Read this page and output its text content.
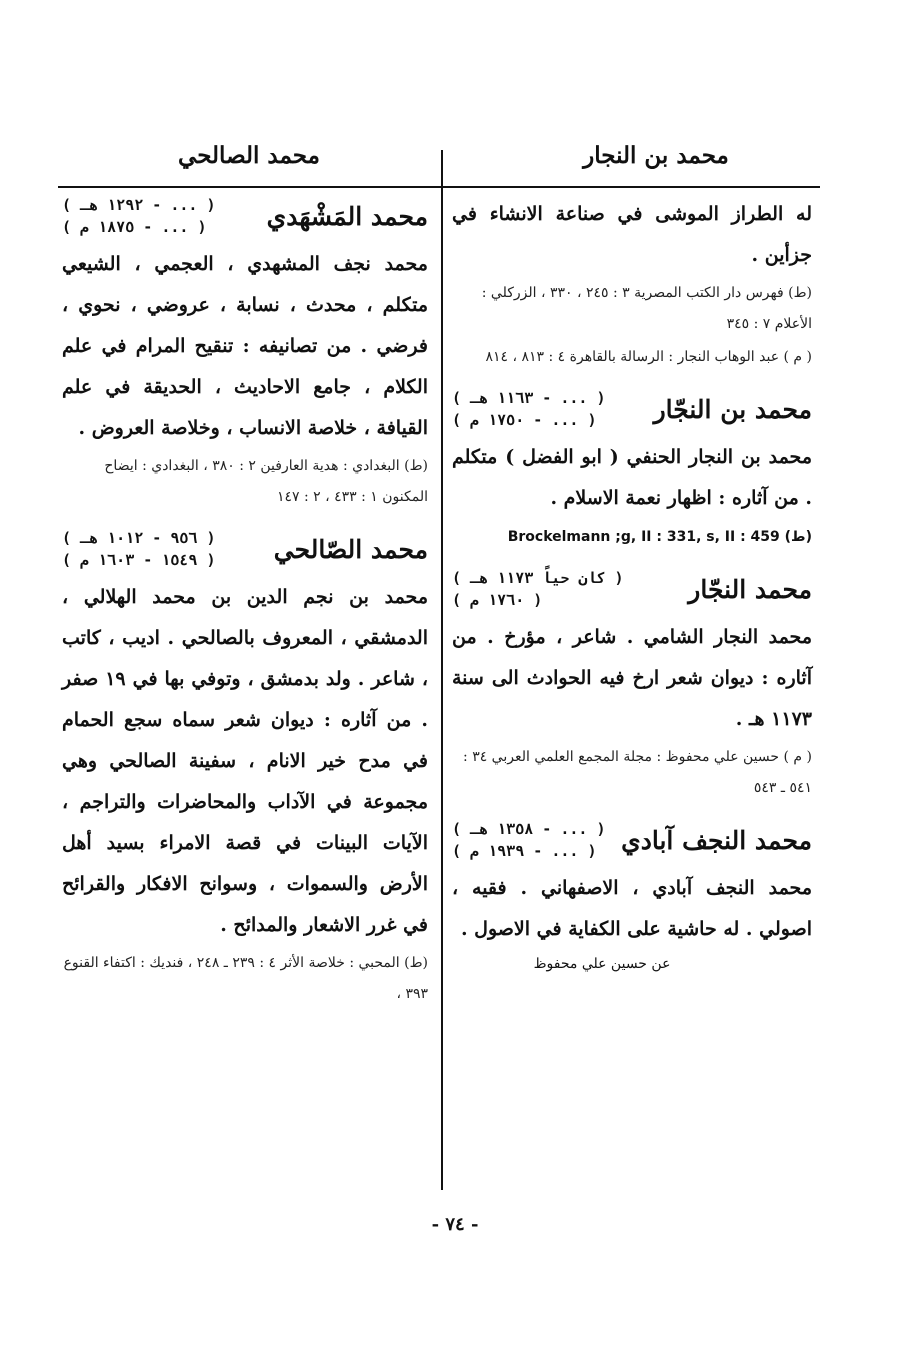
محمد بن النجار
محمد الصالحي

له الطراز الموشى في صناعة الانشاء في جزأين .

(ط) فهرس دار الكتب المصرية ٣ : ٢٤٥ ، ٣٣٠ ، الزركلي : الأعلام ٧ : ٣٤٥

( م ) عبد الوهاب النجار : الرسالة بالقاهرة ٤ : ٨١٣ ، ٨١٤

محمد بن النجّار
( ... - ١١٦٣ هـ )
( ... - ١٧٥٠ م )

محمد بن النجار الحنفي ( ابو الفضل ) متكلم . من آثاره : اظهار نعمة الاسلام .

Brockelmann ;g, II : 331, s, II : 459 (ط)

محمد النجّار
( كان حياً ١١٧٣ هـ )
( ١٧٦٠ م )

محمد النجار الشامي . شاعر ، مؤرخ . من آثاره : ديوان شعر ارخ فيه الحوادث الى سنة ١١٧٣ هـ .

( م ) حسين علي محفوظ : مجلة المجمع العلمي العربي ٣٤ : ٥٤١ ـ ٥٤٣

محمد النجف آبادي
( ... - ١٣٥٨ هـ )
( ... - ١٩٣٩ م )

محمد النجف آبادي ، الاصفهاني . فقيه ، اصولي . له حاشية على الكفاية في الاصول .

عن حسين علي محفوظ
محمد المَشْهَدي
( ... - ١٢٩٢ هـ )
( ... - ١٨٧٥ م )

محمد نجف المشهدي ، العجمي ، الشيعي متكلم ، محدث ، نسابة ، عروضي ، نحوي ، فرضي . من تصانيفه : تنقيح المرام في علم الكلام ، جامع الاحاديث ، الحديقة في علم القيافة ، خلاصة الانساب ، وخلاصة العروض .

(ط) البغدادي : هدية العارفين ٢ : ٣٨٠ ، البغدادي : ايضاح المكنون ١ : ٤٣٣ ، ٢ : ١٤٧

محمد الصّالحي
( ٩٥٦ - ١٠١٢ هـ )
( ١٥٤٩ - ١٦٠٣ م )

محمد بن نجم الدين بن محمد الهلالي ، الدمشقي ، المعروف بالصالحي . اديب ، كاتب ، شاعر . ولد بدمشق ، وتوفي بها في ١٩ صفر . من آثاره : ديوان شعر سماه سجع الحمام في مدح خير الانام ، سفينة الصالحي وهي مجموعة في الآداب والمحاضرات والتراجم ، الآيات البينات في قصة الامراء بسيد أهل الأرض والسموات ، وسوانح الافكار والقرائح في غرر الاشعار والمدائح .

(ط) المحبي : خلاصة الأثر ٤ : ٢٣٩ ـ ٢٤٨ ، فنديك : اكتفاء القنوع ٣٩٣ ،

- ٧٤ -
